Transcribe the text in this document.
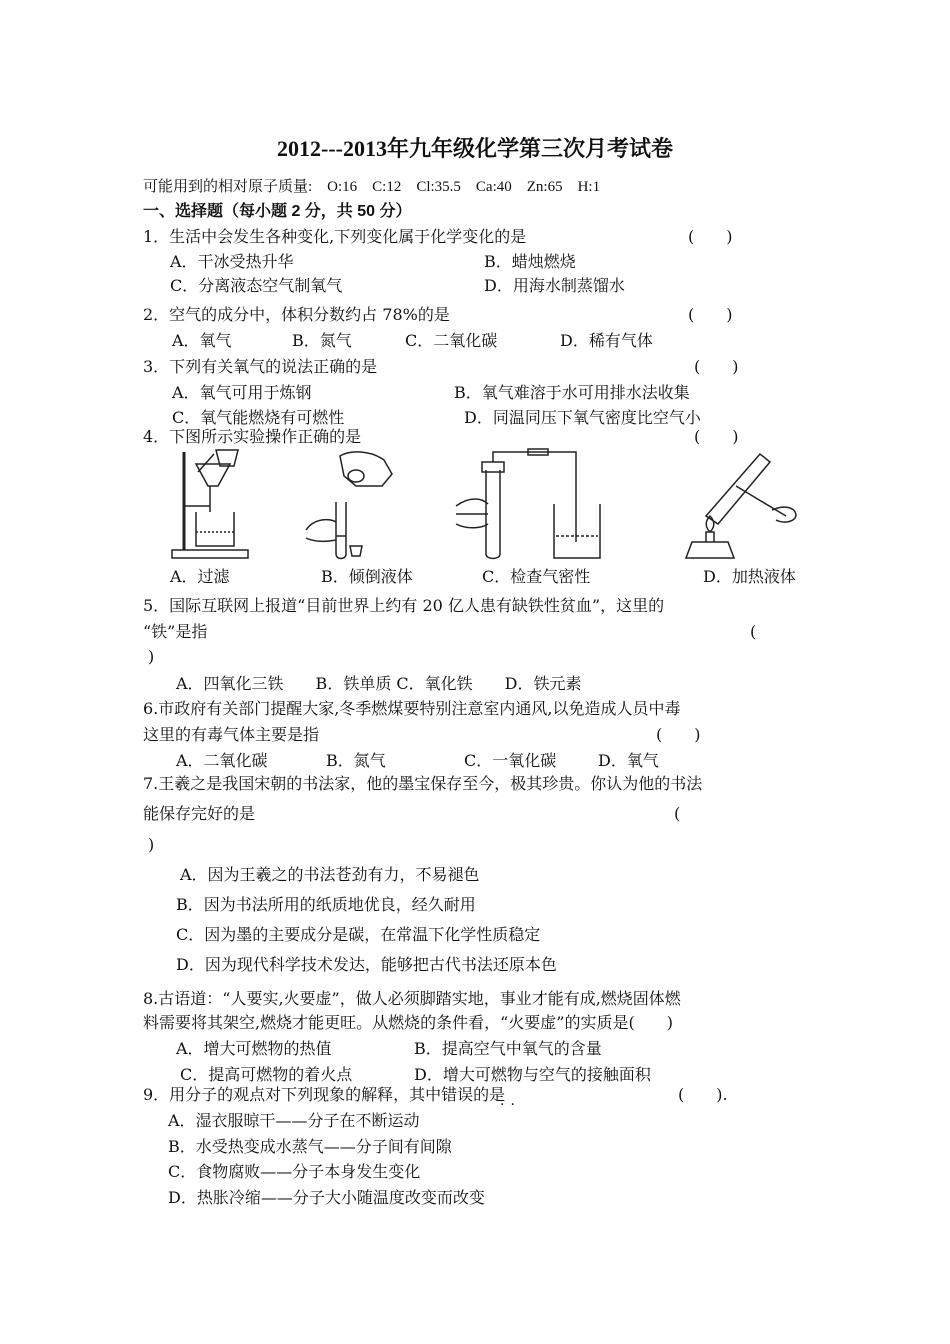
2012---2013年九年级化学第三次月考试卷
可能用到的相对原子质量:　O:16　C:12　Cl:35.5　Ca:40　Zn:65　H:1
一、选择题（每小题 2 分，共 50 分）
1．生活中会发生各种变化,下列变化属于化学变化的是	(　　)
A．干冰受热升华	B．蜡烛燃烧
C．分离液态空气制氧气	D．用海水制蒸馏水
2．空气的成分中，体积分数约占 78%的是	(　　)
A．氧气	B．氮气	C．二氧化碳	D．稀有气体
3．下列有关氧气的说法正确的是	(　　)
A．氧气可用于炼钢	B．氧气难溶于水可用排水法收集
C．氧气能燃烧有可燃性	D．同温同压下氧气密度比空气小
4．下图所示实验操作正确的是	(　　)
A．过滤	B．倾倒液体	C．检查气密性	D．加热液体
5．国际互联网上报道“目前世界上约有 20 亿人患有缺铁性贫血”，这里的
“铁”是指	(
)
A．四氧化三铁　　B．铁单质 C．氧化铁　　D．铁元素
6.市政府有关部门提醒大家,冬季燃煤要特别注意室内通风,以免造成人员中毒
这里的有毒气体主要是指	(　　)
A．二氧化碳	B．氮气	C．一氧化碳	D．氧气
7.王羲之是我国宋朝的书法家，他的墨宝保存至今，极其珍贵。你认为他的书法
能保存完好的是	(
)
A．因为王羲之的书法苍劲有力，不易褪色
B．因为书法所用的纸质地优良，经久耐用
C．因为墨的主要成分是碳，在常温下化学性质稳定
D．因为现代科学技术发达，能够把古代书法还原本色
8.古语道：“人要实,火要虚”，做人必须脚踏实地，事业才能有成,燃烧固体燃
料需要将其架空,燃烧才能更旺。从燃烧的条件看，“火要虚”的实质是(　　)
A．增大可燃物的热值	B．提高空气中氧气的含量
C．提高可燃物的着火点	D．增大可燃物与空气的接触面积
9．用分子的观点对下列现象的解释，其中错误的是
··
(　　).
A．湿衣服晾干——分子在不断运动
B．水受热变成水蒸气——分子间有间隙
C．食物腐败——分子本身发生变化
D．热胀冷缩——分子大小随温度改变而改变
